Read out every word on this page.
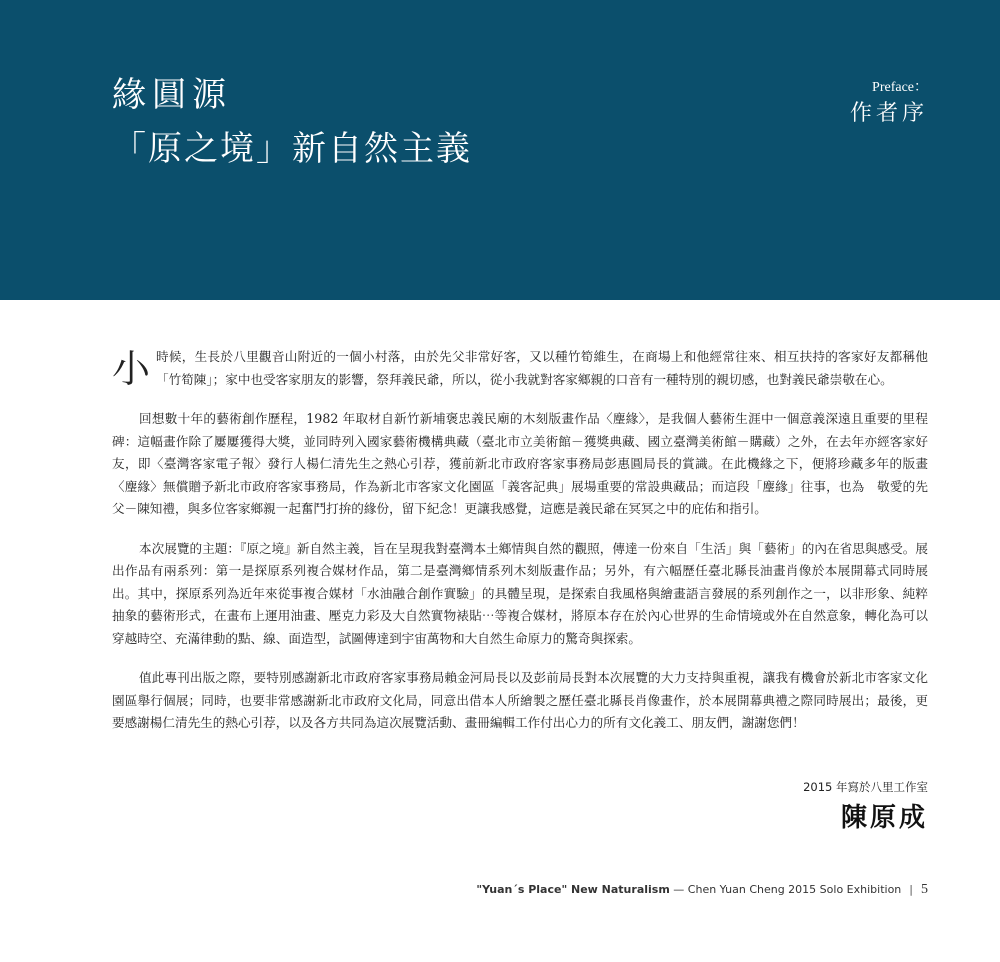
緣圓源
「原之境」新自然主義
Preface：
作者序

小時候，生長於八里觀音山附近的一個小村落，由於先父非常好客，又以種竹筍維生，在商場上和他經常往來、相互扶持的客家好友都稱他「竹筍陳」；家中也受客家朋友的影響，祭拜義民爺，所以，從小我就對客家鄉親的口音有一種特別的親切感，也對義民爺崇敬在心。

回想數十年的藝術創作歷程，1982 年取材自新竹新埔褒忠義民廟的木刻版畫作品〈麈緣〉，是我個人藝術生涯中一個意義深遠且重要的里程碑：這幅畫作除了屢屢獲得大獎，並同時列入國家藝術機構典藏（臺北市立美術館－獲獎典藏、國立臺灣美術館－購藏）之外，在去年亦經客家好友，即〈臺灣客家電子報〉發行人楊仁清先生之熱心引荐，獲前新北市政府客家事務局彭惠圓局長的賞識。在此機緣之下，便將珍藏多年的版畫〈麈緣〉無償贈予新北市政府客家事務局，作為新北市客家文化園區「義客記典」展場重要的常設典藏品；而這段「麈緣」往事，也為　敬愛的先父－陳知禮，與多位客家鄉親一起奮鬥打拚的緣份，留下紀念！更讓我感覺，這應是義民爺在冥冥之中的庇佑和指引。

本次展覽的主題：『原之境』新自然主義，旨在呈現我對臺灣本土鄉情與自然的觀照，傳達一份來自「生活」與「藝術」的內在省思與感受。展出作品有兩系列：第一是探原系列複合媒材作品，第二是臺灣鄉情系列木刻版畫作品；另外，有六幅歷任臺北縣長油畫肖像於本展開幕式同時展出。其中，探原系列為近年來從事複合媒材「水油融合創作實驗」的具體呈現，是探索自我風格與繪畫語言發展的系列創作之一，以非形象、純粹抽象的藝術形式，在畫布上運用油畫、壓克力彩及大自然實物裱貼⋯等複合媒材，將原本存在於內心世界的生命情境或外在自然意象，轉化為可以穿越時空、充滿律動的點、線、面造型，試圖傳達到宇宙萬物和大自然生命原力的驚奇與探索。

值此專刊出版之際，要特別感謝新北市政府客家事務局賴金河局長以及彭前局長對本次展覽的大力支持與重視，讓我有機會於新北市客家文化園區舉行個展；同時，也要非常感謝新北市政府文化局，同意出借本人所繪製之歷任臺北縣長肖像畫作，於本展開幕典禮之際同時展出；最後，更要感謝楊仁清先生的熱心引荐，以及各方共同為這次展覽活動、畫冊編輯工作付出心力的所有文化義工、朋友們，謝謝您們！

2015 年寫於八里工作室
陳原成
"Yuan´s Place" New Naturalism — Chen Yuan Cheng 2015 Solo Exhibition | 5
